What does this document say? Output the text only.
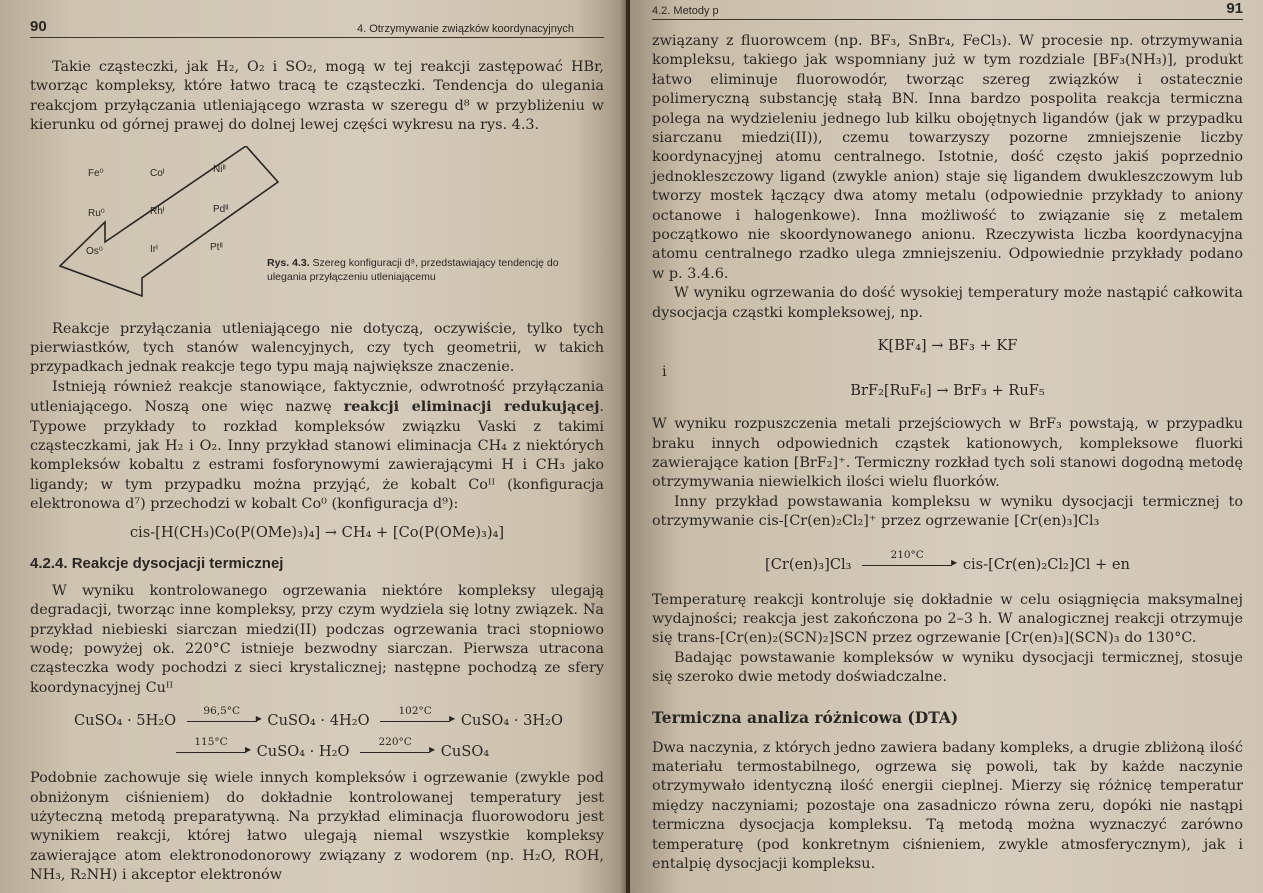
90	4. Otrzymywanie związków koordynacyjnych

Takie cząsteczki, jak H₂, O₂ i SO₂, mogą w tej reakcji zastępować HBr, tworząc kompleksy, które łatwo tracą te cząsteczki. Tendencja do ulegania reakcjom przyłączania utleniającego wzrasta w szeregu d⁸ w przybliżeniu w kierunku od górnej prawej do dolnej lewej części wykresu na rys. 4.3.

Fe⁰	Coᴵ	Niᴵᴵ
Ru⁰	Rhᴵ	Pdᴵᴵ
Os⁰	Irᴵ	Ptᴵᴵ
Rys. 4.3. Szereg konfiguracji d⁸, przedstawiający tendencję do ulegania przyłączeniu utleniającemu

Reakcje przyłączania utleniającego nie dotyczą, oczywiście, tylko tych pierwiastków, tych stanów walencyjnych, czy tych geometrii, w takich przypadkach jednak reakcje tego typu mają największe znaczenie.

Istnieją również reakcje stanowiące, faktycznie, odwrotność przyłączania utleniającego. Noszą one więc nazwę reakcji eliminacji redukującej. Typowe przykłady to rozkład kompleksów związku Vaski z takimi cząsteczkami, jak H₂ i O₂. Inny przykład stanowi eliminacja CH₄ z niektórych kompleksów kobaltu z estrami fosforynowymi zawierającymi H i CH₃ jako ligandy; w tym przypadku można przyjąć, że kobalt Coᴵᴵ (konfiguracja elektronowa d⁷) przechodzi w kobalt Co⁰ (konfiguracja d⁹):

cis-[H(CH₃)Co(P(OMe)₃)₄] → CH₄ + [Co(P(OMe)₃)₄]
4.2.4. Reakcje dysocjacji termicznej

W wyniku kontrolowanego ogrzewania niektóre kompleksy ulegają degradacji, tworząc inne kompleksy, przy czym wydziela się lotny związek. Na przykład niebieski siarczan miedzi(II) podczas ogrzewania traci stopniowo wodę; powyżej ok. 220°C istnieje bezwodny siarczan. Pierwsza utracona cząsteczka wody pochodzi z sieci krystalicznej; następne pochodzą ze sfery koordynacyjnej Cuᴵᴵ

CuSO₄ · 5H₂O
96,5°C
▸ CuSO₄ · 4H₂O
102°C
▸ CuSO₄ · 3H₂O
115°C
▸ CuSO₄ · H₂O
220°C
▸ CuSO₄

Podobnie zachowuje się wiele innych kompleksów i ogrzewanie (zwykle pod obniżonym ciśnieniem) do dokładnie kontrolowanej temperatury jest użyteczną metodą preparatywną. Na przykład eliminacja fluorowodoru jest wynikiem reakcji, której łatwo ulegają niemal wszystkie kompleksy zawierające atom elektronodonorowy związany z wodorem (np. H₂O, ROH, NH₃, R₂NH) i akceptor elektronów

4.2. Metody p	91

związany z fluorowcem (np. BF₃, SnBr₄, FeCl₃). W procesie np. otrzymywania kompleksu, takiego jak wspomniany już w tym rozdziale [BF₃(NH₃)], produkt łatwo eliminuje fluorowodór, tworząc szereg związków i ostatecznie polimeryczną substancję stałą BN. Inna bardzo pospolita reakcja termiczna polega na wydzieleniu jednego lub kilku obojętnych ligandów (jak w przypadku siarczanu miedzi(II)), czemu towarzyszy pozorne zmniejszenie liczby koordynacyjnej atomu centralnego. Istotnie, dość często jakiś poprzednio jednokleszczowy ligand (zwykle anion) staje się ligandem dwukleszczowym lub tworzy mostek łączący dwa atomy metalu (odpowiednie przykłady to aniony octanowe i halogenkowe). Inna możliwość to związanie się z metalem początkowo nie skoordynowanego anionu. Rzeczywista liczba koordynacyjna atomu centralnego rzadko ulega zmniejszeniu. Odpowiednie przykłady podano w p. 3.4.6.

W wyniku ogrzewania do dość wysokiej temperatury może nastąpić całkowita dysocjacja cząstki kompleksowej, np.

K[BF₄] → BF₃ + KF
i
BrF₂[RuF₆] → BrF₃ + RuF₅

W wyniku rozpuszczenia metali przejściowych w BrF₃ powstają, w przypadku braku innych odpowiednich cząstek kationowych, kompleksowe fluorki zawierające kation [BrF₂]⁺. Termiczny rozkład tych soli stanowi dogodną metodę otrzymywania niewielkich ilości wielu fluorków.

Inny przykład powstawania kompleksu w wyniku dysocjacji termicznej to otrzymywanie cis-[Cr(en)₂Cl₂]⁺ przez ogrzewanie [Cr(en)₃]Cl₃

[Cr(en)₃]Cl₃
210°C
▸ cis-[Cr(en)₂Cl₂]Cl + en

Temperaturę reakcji kontroluje się dokładnie w celu osiągnięcia maksymalnej wydajności; reakcja jest zakończona po 2–3 h. W analogicznej reakcji otrzymuje się trans-[Cr(en)₂(SCN)₂]SCN przez ogrzewanie [Cr(en)₃](SCN)₃ do 130°C.

Badając powstawanie kompleksów w wyniku dysocjacji termicznej, stosuje się szeroko dwie metody doświadczalne.

Termiczna analiza różnicowa (DTA)

Dwa naczynia, z których jedno zawiera badany kompleks, a drugie zbliżoną ilość materiału termostabilnego, ogrzewa się powoli, tak by każde naczynie otrzymywało identyczną ilość energii cieplnej. Mierzy się różnicę temperatur między naczyniami; pozostaje ona zasadniczo równa zeru, dopóki nie nastąpi termiczna dysocjacja kompleksu. Tą metodą można wyznaczyć zarówno temperaturę (pod konkretnym ciśnieniem, zwykle atmosferycznym), jak i entalpię dysocjacji kompleksu.
